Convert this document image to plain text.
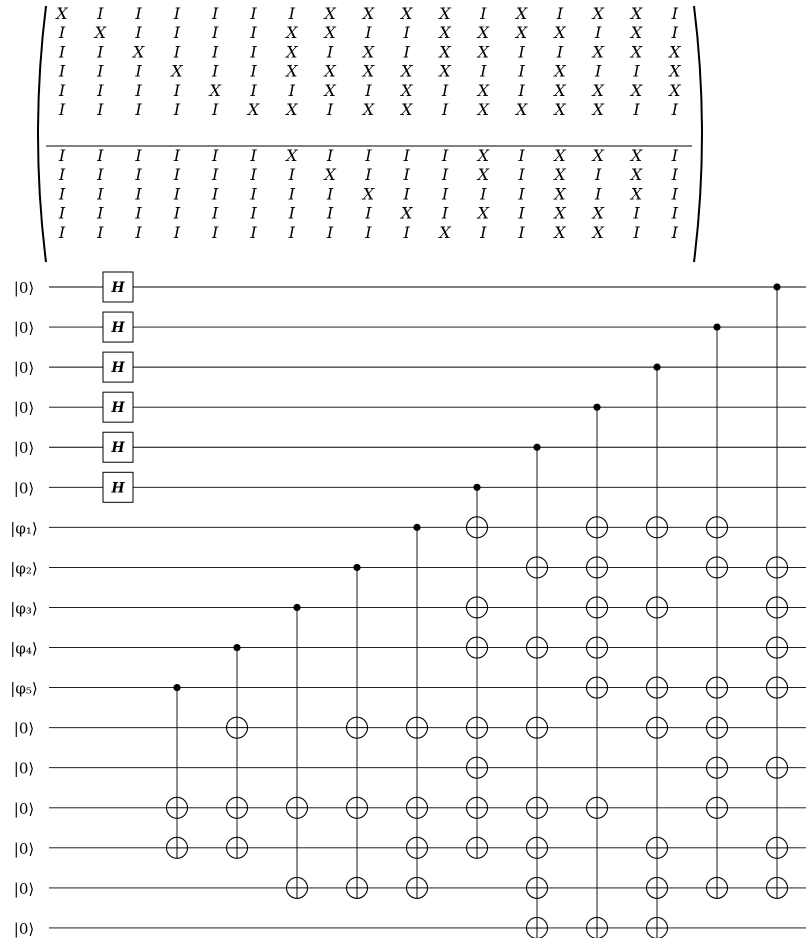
X I I I I I I X X X X I X I X X I
I X I I I I X X I I X X X X I X I
I I X I I I X I X I X X I I X X X
I I I X I I X X X X X I I X I I X
I I I I X I I X I X I X I X X X X
I I I I I X X I X X I X X X X I I
I I I I I I X I I I I X I X X X I
I I I I I I I X I I I X I X I X I
I I I I I I I I X I I I I X I X I
I I I I I I I I I X I X I X X I I
I I I I I I I I I I X I I X X I I
|0⟩
|0⟩
|0⟩
|0⟩
|0⟩
|0⟩
|φ₁⟩
|φ₂⟩
|φ₃⟩
|φ₄⟩
|φ₅⟩
|0⟩
|0⟩
|0⟩
|0⟩
|0⟩
|0⟩
H
H
H
H
H
H
